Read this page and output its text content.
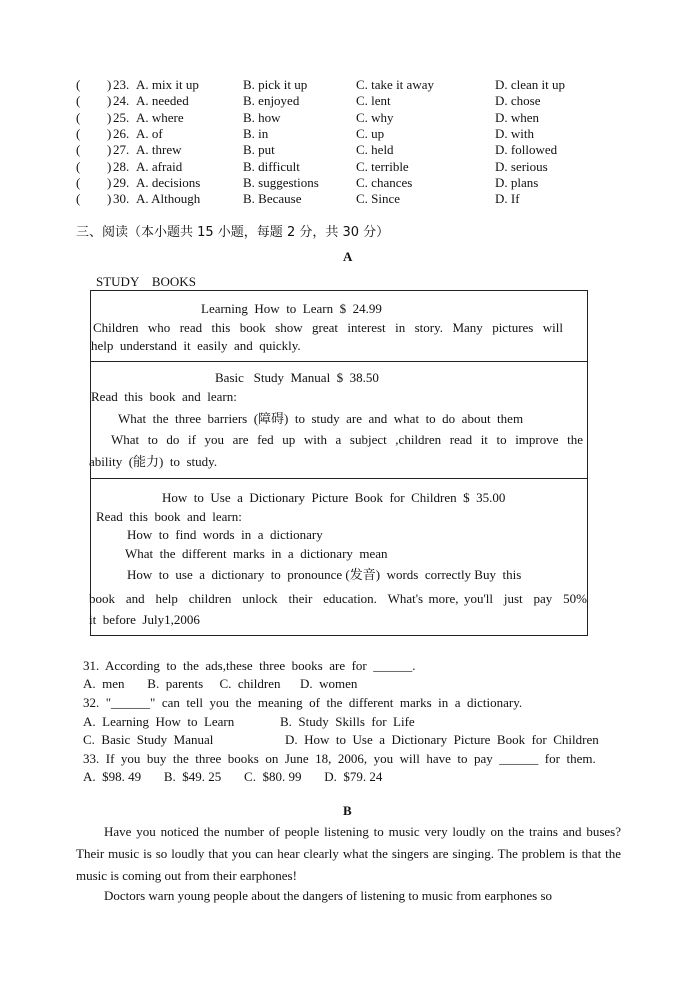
( ) 23. A. mix it up	B. pick it up	C. take it away	D. clean it up
( ) 24. A. needed	B. enjoyed	C. lent	D. chose
( ) 25. A. where	B. how	C. why	D. when
( ) 26. A. of	B. in	C. up	D. with
( ) 27. A. threw	B. put	C. held	D. followed
( ) 28. A. afraid	B. difficult	C. terrible	D. serious
( ) 29. A. decisions	B. suggestions	C. chances	D. plans
( ) 30. A. Although	B. Because	C. Since	D. If
三、阅读（本小题共 15 小题，每题 2 分，共 30 分）
A
STUDY    BOOKS
Learning  How  to  Learn  $  24.99
Children  who  read  this  book  show  great  interest  in  story.  Many  pictures  will
help  understand  it  easily  and  quickly.
Basic   Study  Manual  $  38.50
Read  this  book  and  learn:
What  the  three  barriers  (障碍)  to  study  are  and  what  to  do  about  them
What  to  do  if  you  are  fed  up  with  a  subject  ,children  read  it  to  improve  the
ability  (能力)  to  study.
How  to  Use  a  Dictionary  Picture  Book  for  Children  $  35.00
Read  this  book  and  learn:
How  to  find  words  in  a  dictionary
What  the  different  marks  in  a  dictionary  mean
How  to  use  a  dictionary  to  pronounce (发音)  words  correctly Buy  this
book  and  help  children  unlock  their  education.  What's more, you'll  just  pay  50%
it  before  July1,2006
31.  According  to  the  ads,these  three  books  are  for  ______.
A.  men       B.  parents     C.  children      D.  women
32.  "______"  can  tell  you  the  meaning  of  the  different  marks  in  a  dictionary.
A.  Learning  How  to  Learn	B.  Study  Skills  for  Life
C.  Basic  Study  Manual	D.  How  to  Use  a  Dictionary  Picture  Book  for  Children
33.  If  you  buy  the  three  books  on  June  18,  2006,  you  will  have  to  pay  ______  for  them.
A.  $98. 49       B.  $49. 25       C.  $80. 99       D.  $79. 24
B
Have you noticed the number of people listening to music very loudly on the trains and buses? Their music is so loudly that you can hear clearly what the singers are singing. The problem is that the music is coming out from their earphones!
Doctors warn young people about the dangers of listening to music from earphones so
